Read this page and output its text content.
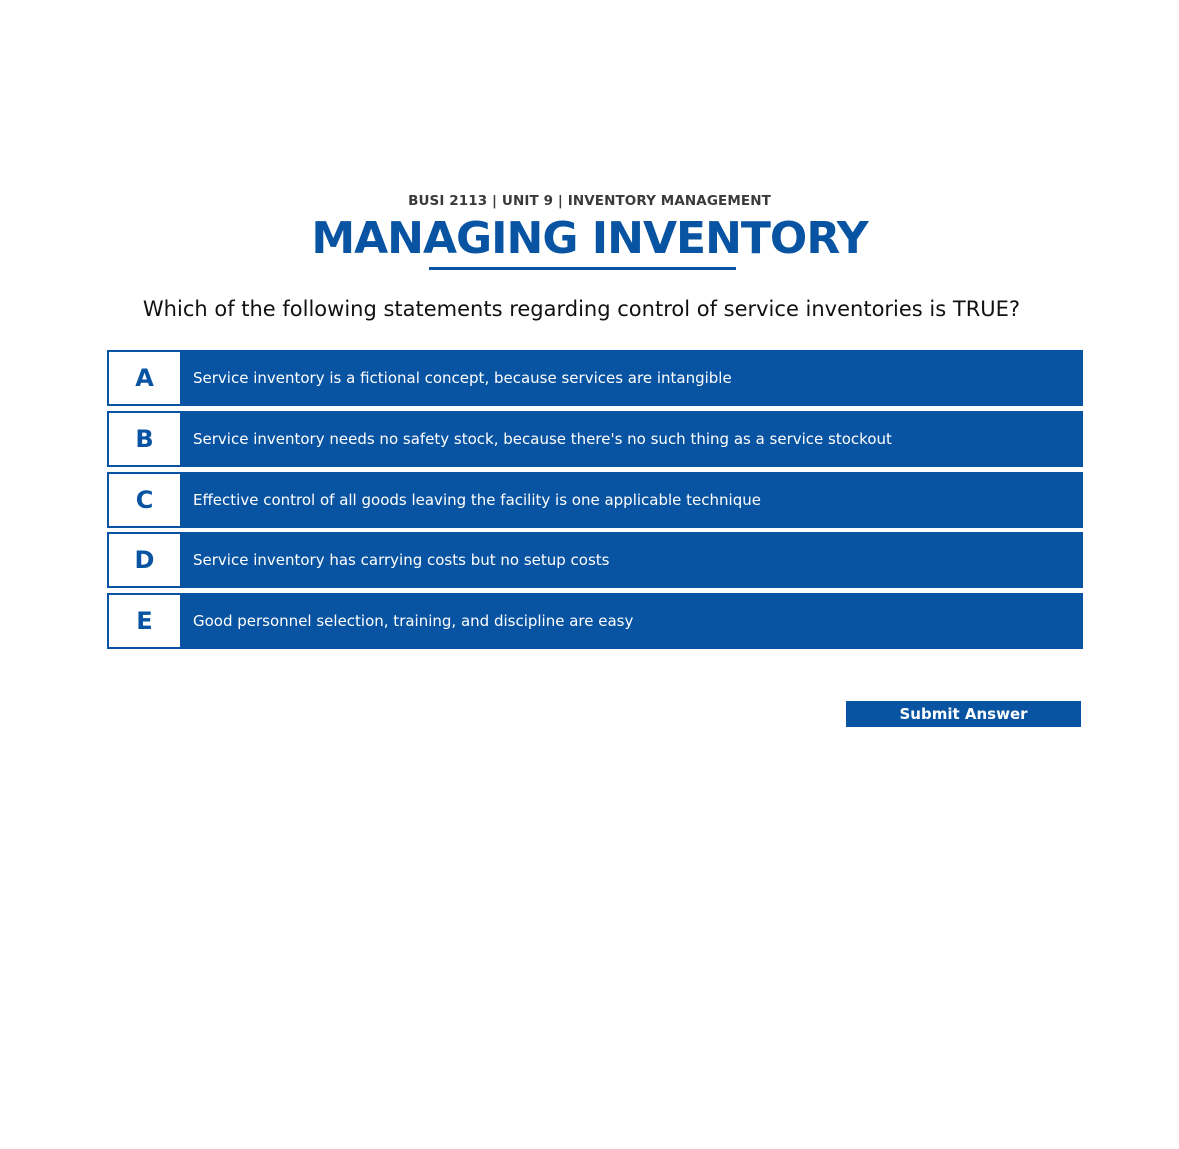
BUSI 2113 | UNIT 9 | INVENTORY MANAGEMENT
MANAGING INVENTORY
Which of the following statements regarding control of service inventories is TRUE?
A	Service inventory is a fictional concept, because services are intangible
B	Service inventory needs no safety stock, because there's no such thing as a service stockout
C	Effective control of all goods leaving the facility is one applicable technique
D	Service inventory has carrying costs but no setup costs
E	Good personnel selection, training, and discipline are easy
Submit Answer
